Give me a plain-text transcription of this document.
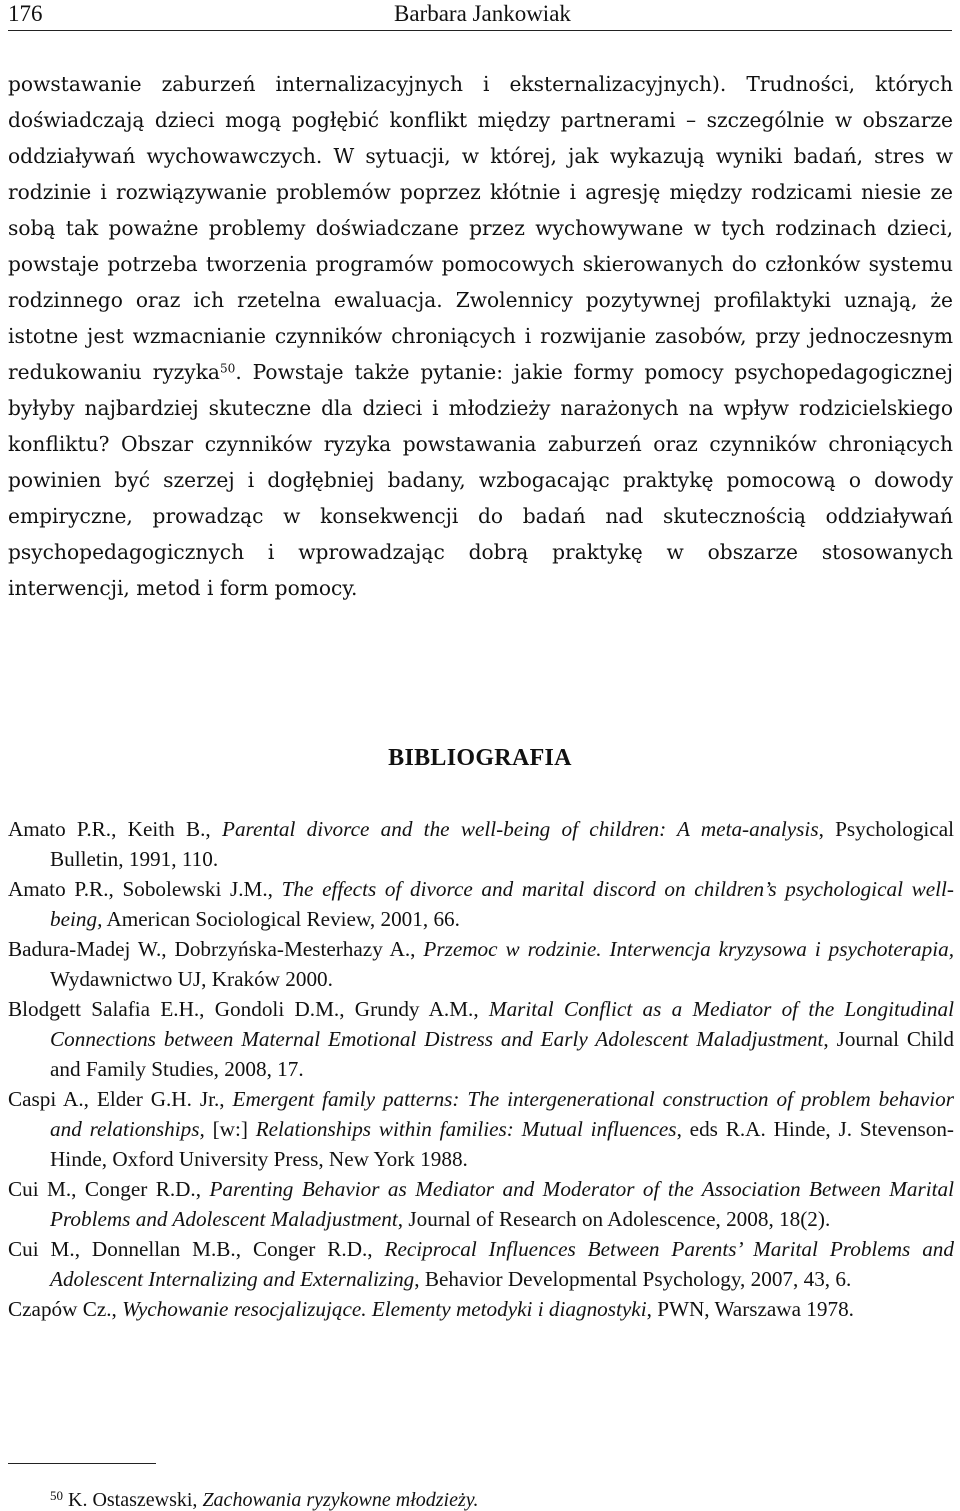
176	Barbara Jankowiak

powstawanie zaburzeń internalizacyjnych i eksternalizacyjnych). Trudności, których doświadczają dzieci mogą pogłębić konflikt między partnerami – szczególnie w obszarze oddziaływań wychowawczych. W sytuacji, w której, jak wykazują wyniki badań, stres w rodzinie i rozwiązywanie problemów poprzez kłótnie i agresję między rodzicami niesie ze sobą tak poważne problemy doświadczane przez wychowywane w tych rodzinach dzieci, powstaje potrzeba tworzenia programów pomocowych skierowanych do członków systemu rodzinnego oraz ich rzetelna ewaluacja. Zwolennicy pozytywnej profilaktyki uznają, że istotne jest wzmacnianie czynników chroniących i rozwijanie zasobów, przy jednoczesnym redukowaniu ryzyka$^{50}$. Powstaje także pytanie: jakie formy pomocy psychopedagogicznej byłyby najbardziej skuteczne dla dzieci i młodzieży narażonych na wpływ rodzicielskiego konfliktu? Obszar czynników ryzyka powstawania zaburzeń oraz czynników chroniących powinien być szerzej i dogłębniej badany, wzbogacając praktykę pomocową o dowody empiryczne, prowadząc w konsekwencji do badań nad skutecznością oddziaływań psychopedagogicznych i wprowadzając dobrą praktykę w obszarze stosowanych interwencji, metod i form pomocy.

BIBLIOGRAFIA
Amato P.R., Keith B., Parental divorce and the well-being of children: A meta-analysis, Psychological Bulletin, 1991, 110.
Amato P.R., Sobolewski J.M., The effects of divorce and marital discord on children’s psychological well-being, American Sociological Review, 2001, 66.
Badura-Madej W., Dobrzyńska-Mesterhazy A., Przemoc w rodzinie. Interwencja kryzysowa i psychoterapia, Wydawnictwo UJ, Kraków 2000.
Blodgett Salafia E.H., Gondoli D.M., Grundy A.M., Marital Conflict as a Mediator of the Longitudinal Connections between Maternal Emotional Distress and Early Adolescent Maladjustment, Journal Child and Family Studies, 2008, 17.
Caspi A., Elder G.H. Jr., Emergent family patterns: The intergenerational construction of problem behavior and relationships, [w:] Relationships within families: Mutual influences, eds R.A. Hinde, J. Stevenson-Hinde, Oxford University Press, New York 1988.
Cui M., Conger R.D., Parenting Behavior as Mediator and Moderator of the Association Between Marital Problems and Adolescent Maladjustment, Journal of Research on Adolescence, 2008, 18(2).
Cui M., Donnellan M.B., Conger R.D., Reciprocal Influences Between Parents’ Marital Problems and Adolescent Internalizing and Externalizing, Behavior Developmental Psychology, 2007, 43, 6.
Czapów Cz., Wychowanie resocjalizujące. Elementy metodyki i diagnostyki, PWN, Warszawa 1978.
$^{50}$ K. Ostaszewski, Zachowania ryzykowne młodzieży.
